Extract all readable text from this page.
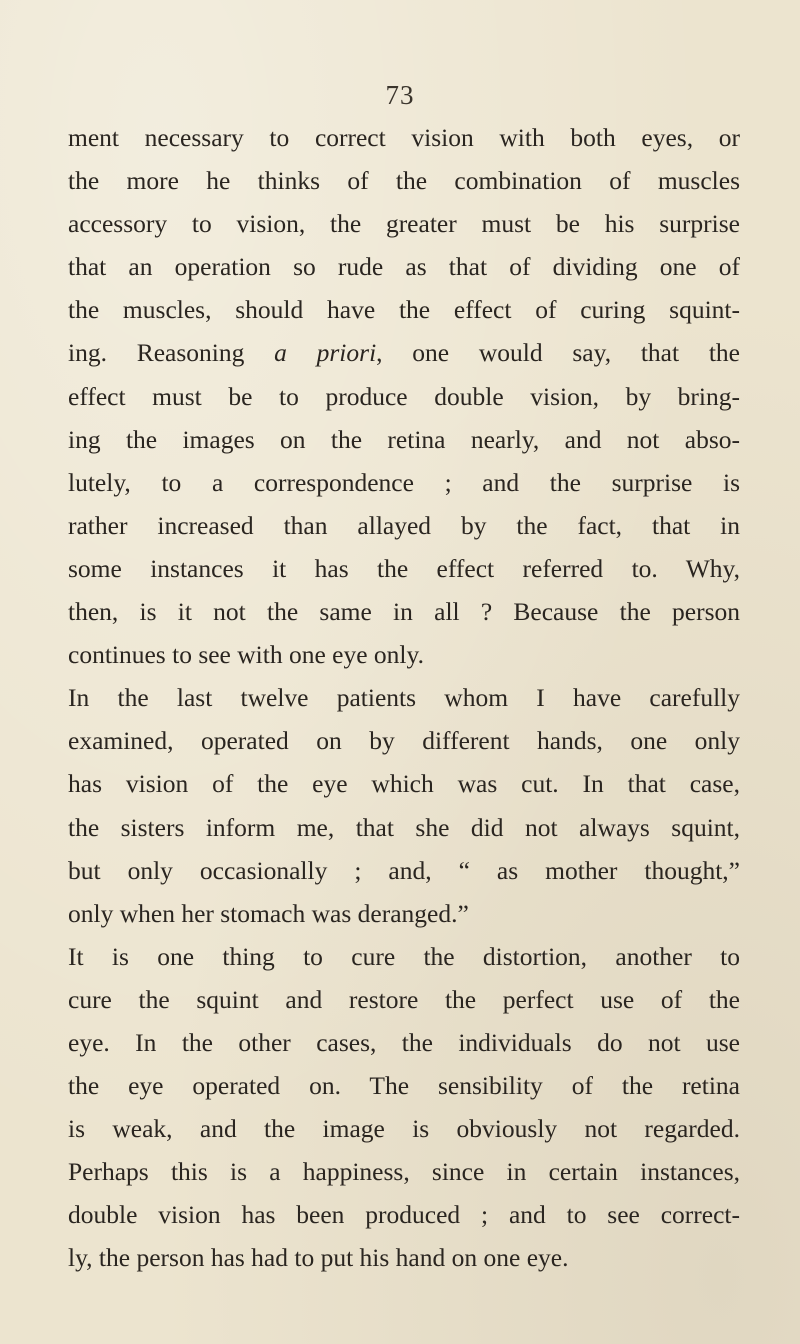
73
ment necessary to correct vision with both eyes, or
the more he thinks of the combination of muscles
accessory to vision, the greater must be his surprise
that an operation so rude as that of dividing one of
the muscles, should have the effect of curing squint-
ing. Reasoning a priori, one would say, that the
effect must be to produce double vision, by bring-
ing the images on the retina nearly, and not abso-
lutely, to a correspondence ; and the surprise is
rather increased than allayed by the fact, that in
some instances it has the effect referred to. Why,
then, is it not the same in all ? Because the person
continues to see with one eye only.
In the last twelve patients whom I have carefully
examined, operated on by different hands, one only
has vision of the eye which was cut. In that case,
the sisters inform me, that she did not always squint,
but only occasionally ; and, “ as mother thought,”
only when her stomach was deranged.”
It is one thing to cure the distortion, another to
cure the squint and restore the perfect use of the
eye. In the other cases, the individuals do not use
the eye operated on. The sensibility of the retina
is weak, and the image is obviously not regarded.
Perhaps this is a happiness, since in certain instances,
double vision has been produced ; and to see correct-
ly, the person has had to put his hand on one eye.
